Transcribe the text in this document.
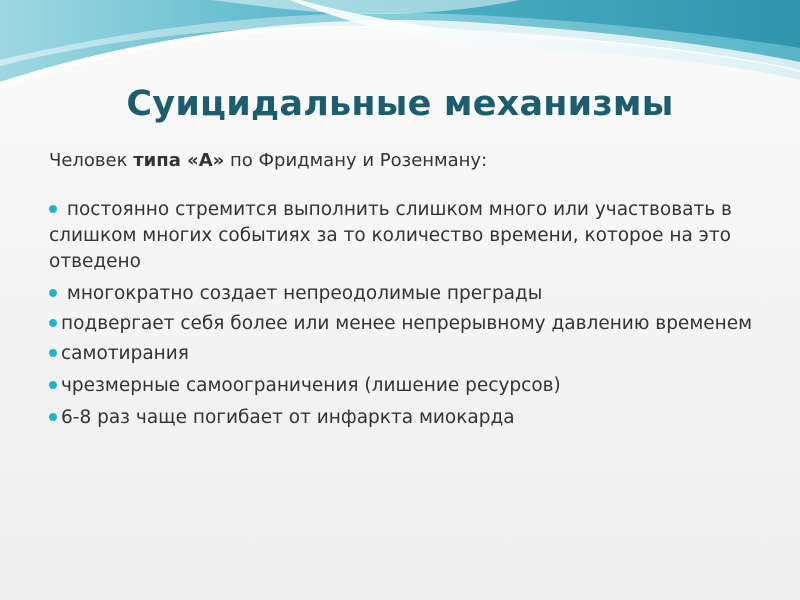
Суицидальные механизмы

Человек типа «А» по Фридману и Розенману:

постоянно стремится выполнить слишком много или участвовать в слишком многих событиях за то количество времени, которое на это отведено
многократно создает непреодолимые преграды
подвергает себя более или менее непрерывному давлению временем
самотирания
чрезмерные самоограничения (лишение ресурсов)
6-8 раз чаще погибает от инфаркта миокарда
